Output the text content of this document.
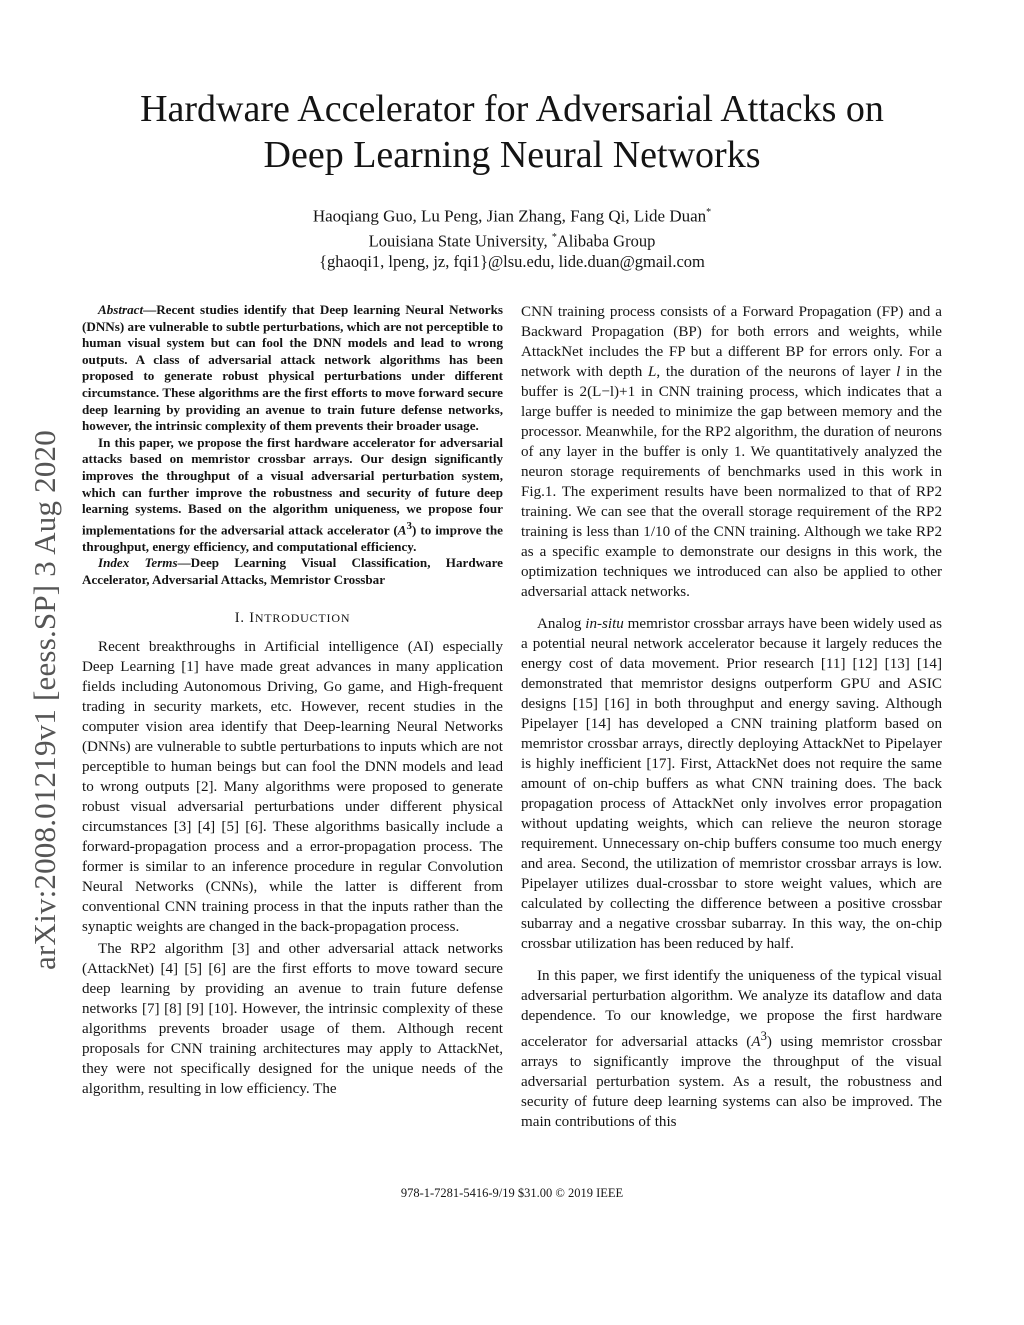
arXiv:2008.01219v1 [eess.SP] 3 Aug 2020
Hardware Accelerator for Adversarial Attacks on
Deep Learning Neural Networks
Haoqiang Guo, Lu Peng, Jian Zhang, Fang Qi, Lide Duan*
Louisiana State University, *Alibaba Group
{ghaoqi1, lpeng, jz, fqi1}@lsu.edu, lide.duan@gmail.com

Abstract—Recent studies identify that Deep learning Neural Networks (DNNs) are vulnerable to subtle perturbations, which are not perceptible to human visual system but can fool the DNN models and lead to wrong outputs. A class of adversarial attack network algorithms has been proposed to generate robust physical perturbations under different circumstance. These algorithms are the first efforts to move forward secure deep learning by providing an avenue to train future defense networks, however, the intrinsic complexity of them prevents their broader usage.

In this paper, we propose the first hardware accelerator for adversarial attacks based on memristor crossbar arrays. Our design significantly improves the throughput of a visual adversarial perturbation system, which can further improve the robustness and security of future deep learning systems. Based on the algorithm uniqueness, we propose four implementations for the adversarial attack accelerator $(A^3)$ to improve the throughput, energy efficiency, and computational efficiency.

Index Terms—Deep Learning Visual Classification, Hardware Accelerator, Adversarial Attacks, Memristor Crossbar

I. INTRODUCTION

Recent breakthroughs in Artificial intelligence (AI) especially Deep Learning [1] have made great advances in many application fields including Autonomous Driving, Go game, and High-frequent trading in security markets, etc. However, recent studies in the computer vision area identify that Deep-learning Neural Networks (DNNs) are vulnerable to subtle perturbations to inputs which are not perceptible to human beings but can fool the DNN models and lead to wrong outputs [2]. Many algorithms were proposed to generate robust visual adversarial perturbations under different physical circumstances [3] [4] [5] [6]. These algorithms basically include a forward-propagation process and a error-propagation process. The former is similar to an inference procedure in regular Convolution Neural Networks (CNNs), while the latter is different from conventional CNN training process in that the inputs rather than the synaptic weights are changed in the back-propagation process.

The RP2 algorithm [3] and other adversarial attack networks (AttackNet) [4] [5] [6] are the first efforts to move toward secure deep learning by providing an avenue to train future defense networks [7] [8] [9] [10]. However, the intrinsic complexity of these algorithms prevents broader usage of them. Although recent proposals for CNN training architectures may apply to AttackNet, they were not specifically designed for the unique needs of the algorithm, resulting in low efficiency. The

CNN training process consists of a Forward Propagation (FP) and a Backward Propagation (BP) for both errors and weights, while AttackNet includes the FP but a different BP for errors only. For a network with depth L, the duration of the neurons of layer l in the buffer is 2(L−l)+1 in CNN training process, which indicates that a large buffer is needed to minimize the gap between memory and the processor. Meanwhile, for the RP2 algorithm, the duration of neurons of any layer in the buffer is only 1. We quantitatively analyzed the neuron storage requirements of benchmarks used in this work in Fig.1. The experiment results have been normalized to that of RP2 training. We can see that the overall storage requirement of the RP2 training is less than 1/10 of the CNN training. Although we take RP2 as a specific example to demonstrate our designs in this work, the optimization techniques we introduced can also be applied to other adversarial attack networks.

Analog in-situ memristor crossbar arrays have been widely used as a potential neural network accelerator because it largely reduces the energy cost of data movement. Prior research [11] [12] [13] [14] demonstrated that memristor designs outperform GPU and ASIC designs [15] [16] in both throughput and energy saving. Although Pipelayer [14] has developed a CNN training platform based on memristor crossbar arrays, directly deploying AttackNet to Pipelayer is highly inefficient [17]. First, AttackNet does not require the same amount of on-chip buffers as what CNN training does. The back propagation process of AttackNet only involves error propagation without updating weights, which can relieve the neuron storage requirement. Unnecessary on-chip buffers consume too much energy and area. Second, the utilization of memristor crossbar arrays is low. Pipelayer utilizes dual-crossbar to store weight values, which are calculated by collecting the difference between a positive crossbar subarray and a negative crossbar subarray. In this way, the on-chip crossbar utilization has been reduced by half.

In this paper, we first identify the uniqueness of the typical visual adversarial perturbation algorithm. We analyze its dataflow and data dependence. To our knowledge, we propose the first hardware accelerator for adversarial attacks $(A^3)$ using memristor crossbar arrays to significantly improve the throughput of the visual adversarial perturbation system. As a result, the robustness and security of future deep learning systems can also be improved. The main contributions of this

978-1-7281-5416-9/19 $31.00 © 2019 IEEE
